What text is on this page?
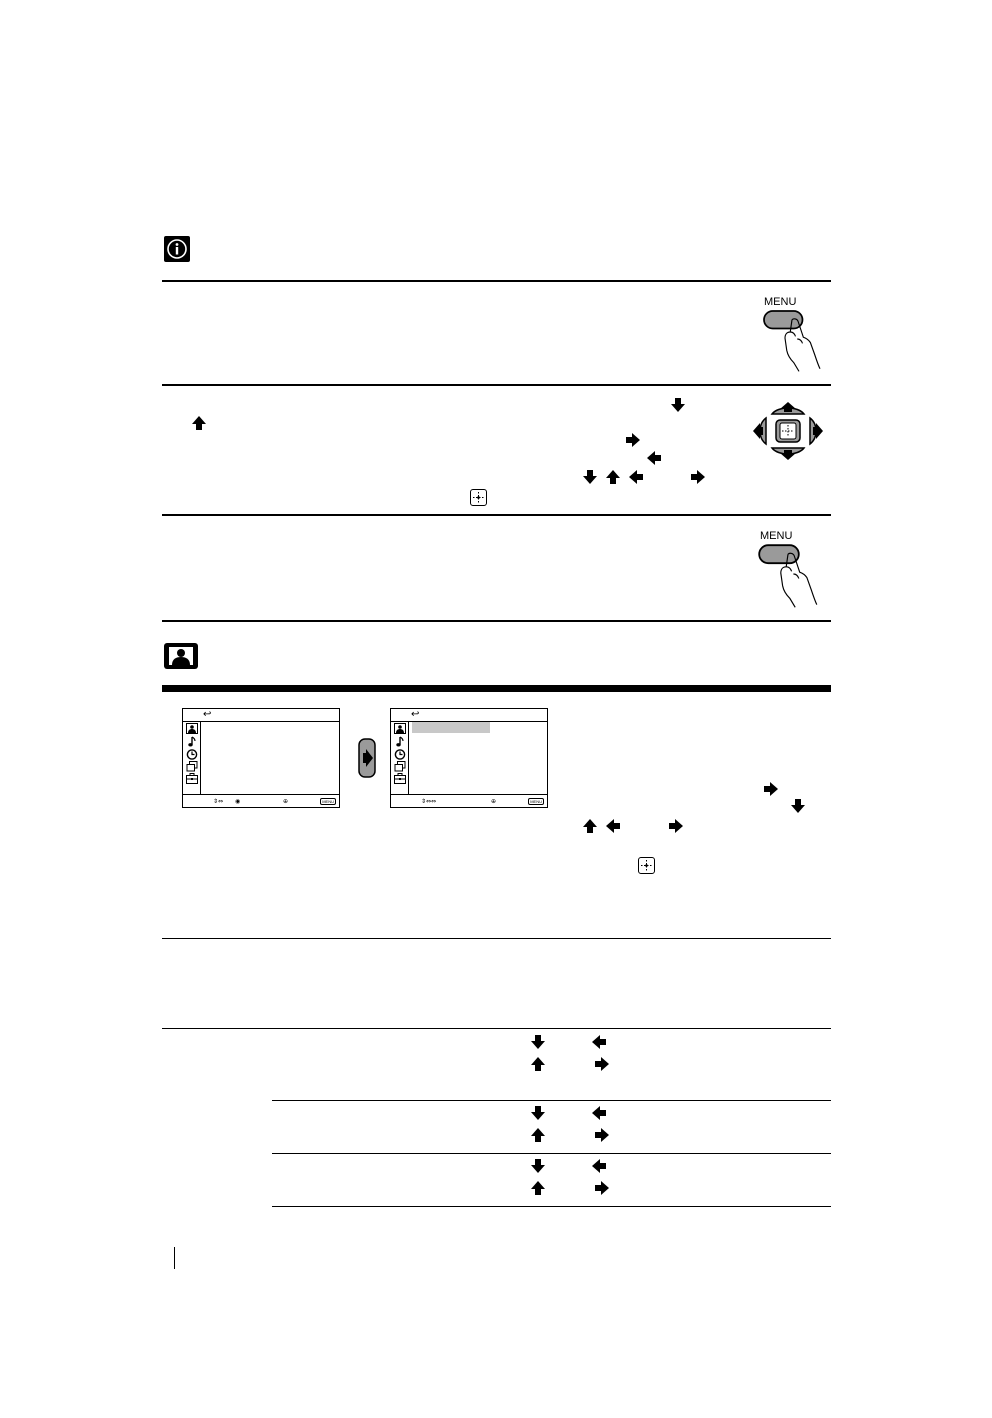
MENU
MENU
↩
⇕⇔ ◉	⊕	MENU
↩
⇕⇔⇔	⊕	MENU
